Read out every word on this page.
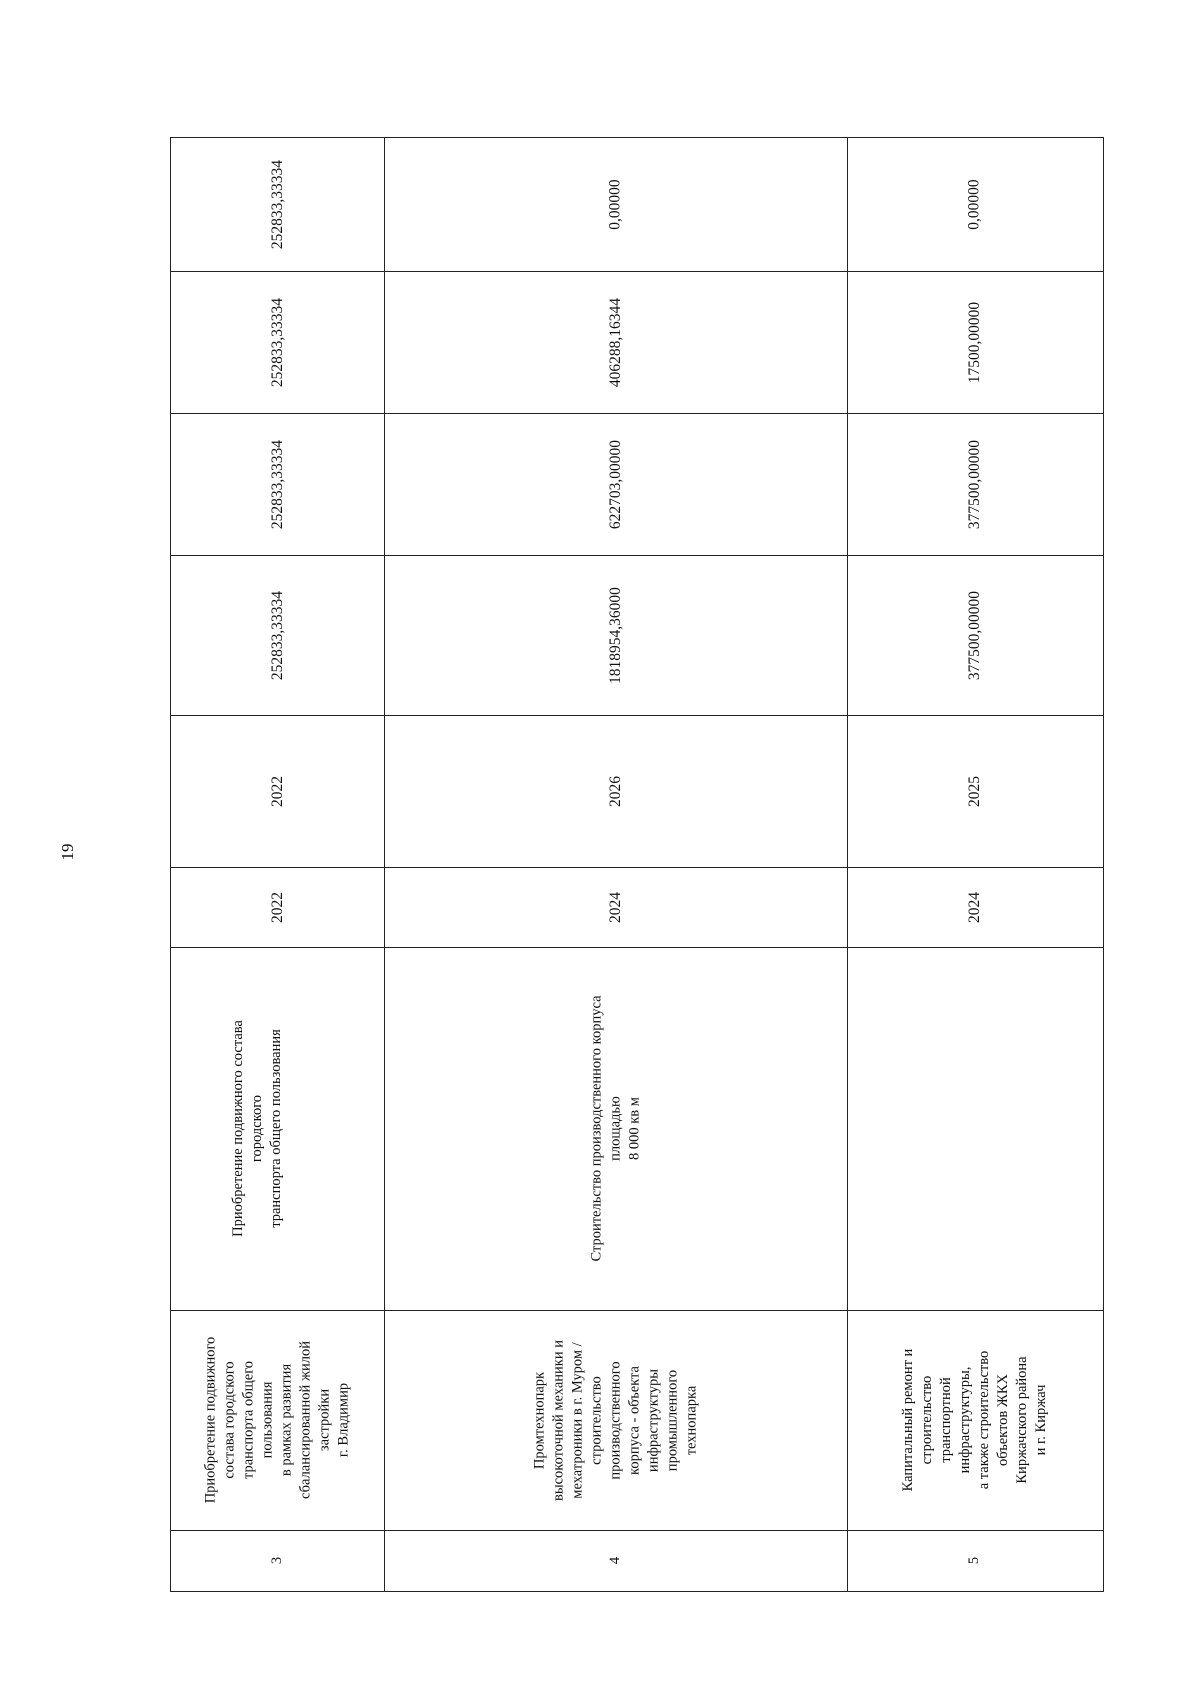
19
3
Приобретение подвижного
состава городского
транспорта общего
пользования
в рамках развития
сбалансированной жилой
застройки
г. Владимир
Приобретение подвижного состава городского
транспорта общего пользования
2022
2022
252833,33334
252833,33334
252833,33334
252833,33334
4
Промтехнопарк
высокоточной механики и
мехатроники в г. Муром /
строительство
производственного
корпуса - объекта
инфраструктуры
промышленного
технопарка
Строительство производственного корпуса
площадью
8 000 кв м
2024
2026
1818954,36000
622703,00000
406288,16344
0,00000
5
Капитальный ремонт и
строительство
транспортной
инфраструктуры,
а также строительство
объектов ЖКХ
Киржачского района
и г. Киржач
2024
2025
377500,00000
377500,00000
17500,00000
0,00000
